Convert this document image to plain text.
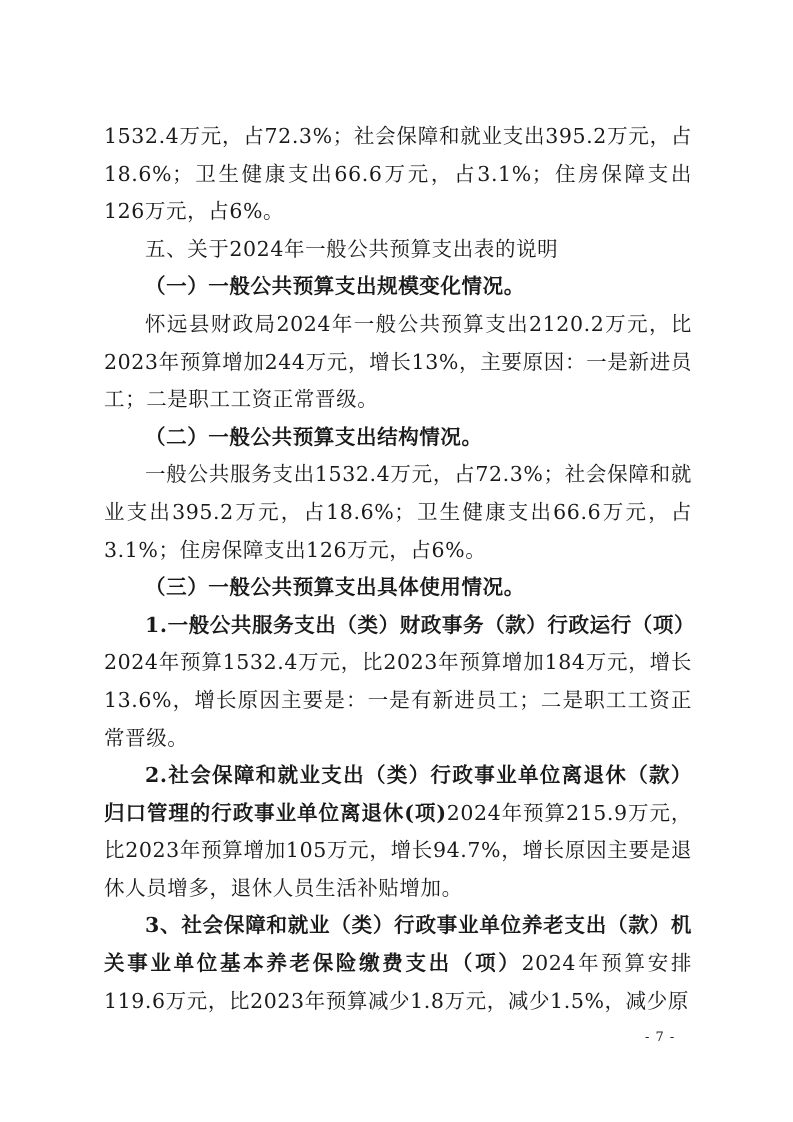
1532.4万元，占72.3%；社会保障和就业支出395.2万元，占18.6%；卫生健康支出66.6万元，占3.1%；住房保障支出126万元，占6%。

五、关于2024年一般公共预算支出表的说明

（一）一般公共预算支出规模变化情况。

怀远县财政局2024年一般公共预算支出2120.2万元，比2023年预算增加244万元，增长13%，主要原因：一是新进员工；二是职工工资正常晋级。

（二）一般公共预算支出结构情况。

一般公共服务支出1532.4万元，占72.3%；社会保障和就业支出395.2万元，占18.6%；卫生健康支出66.6万元，占3.1%；住房保障支出126万元，占6%。

（三）一般公共预算支出具体使用情况。

1.一般公共服务支出（类）财政事务（款）行政运行（项）2024年预算1532.4万元，比2023年预算增加184万元，增长13.6%，增长原因主要是：一是有新进员工；二是职工工资正常晋级。

2.社会保障和就业支出（类）行政事业单位离退休（款）归口管理的行政事业单位离退休(项)2024年预算215.9万元，比2023年预算增加105万元，增长94.7%，增长原因主要是退休人员增多，退休人员生活补贴增加。

3、社会保障和就业（类）行政事业单位养老支出（款）机关事业单位基本养老保险缴费支出（项）2024年预算安排119.6万元，比2023年预算减少1.8万元，减少1.5%，减少原

- 7 -
